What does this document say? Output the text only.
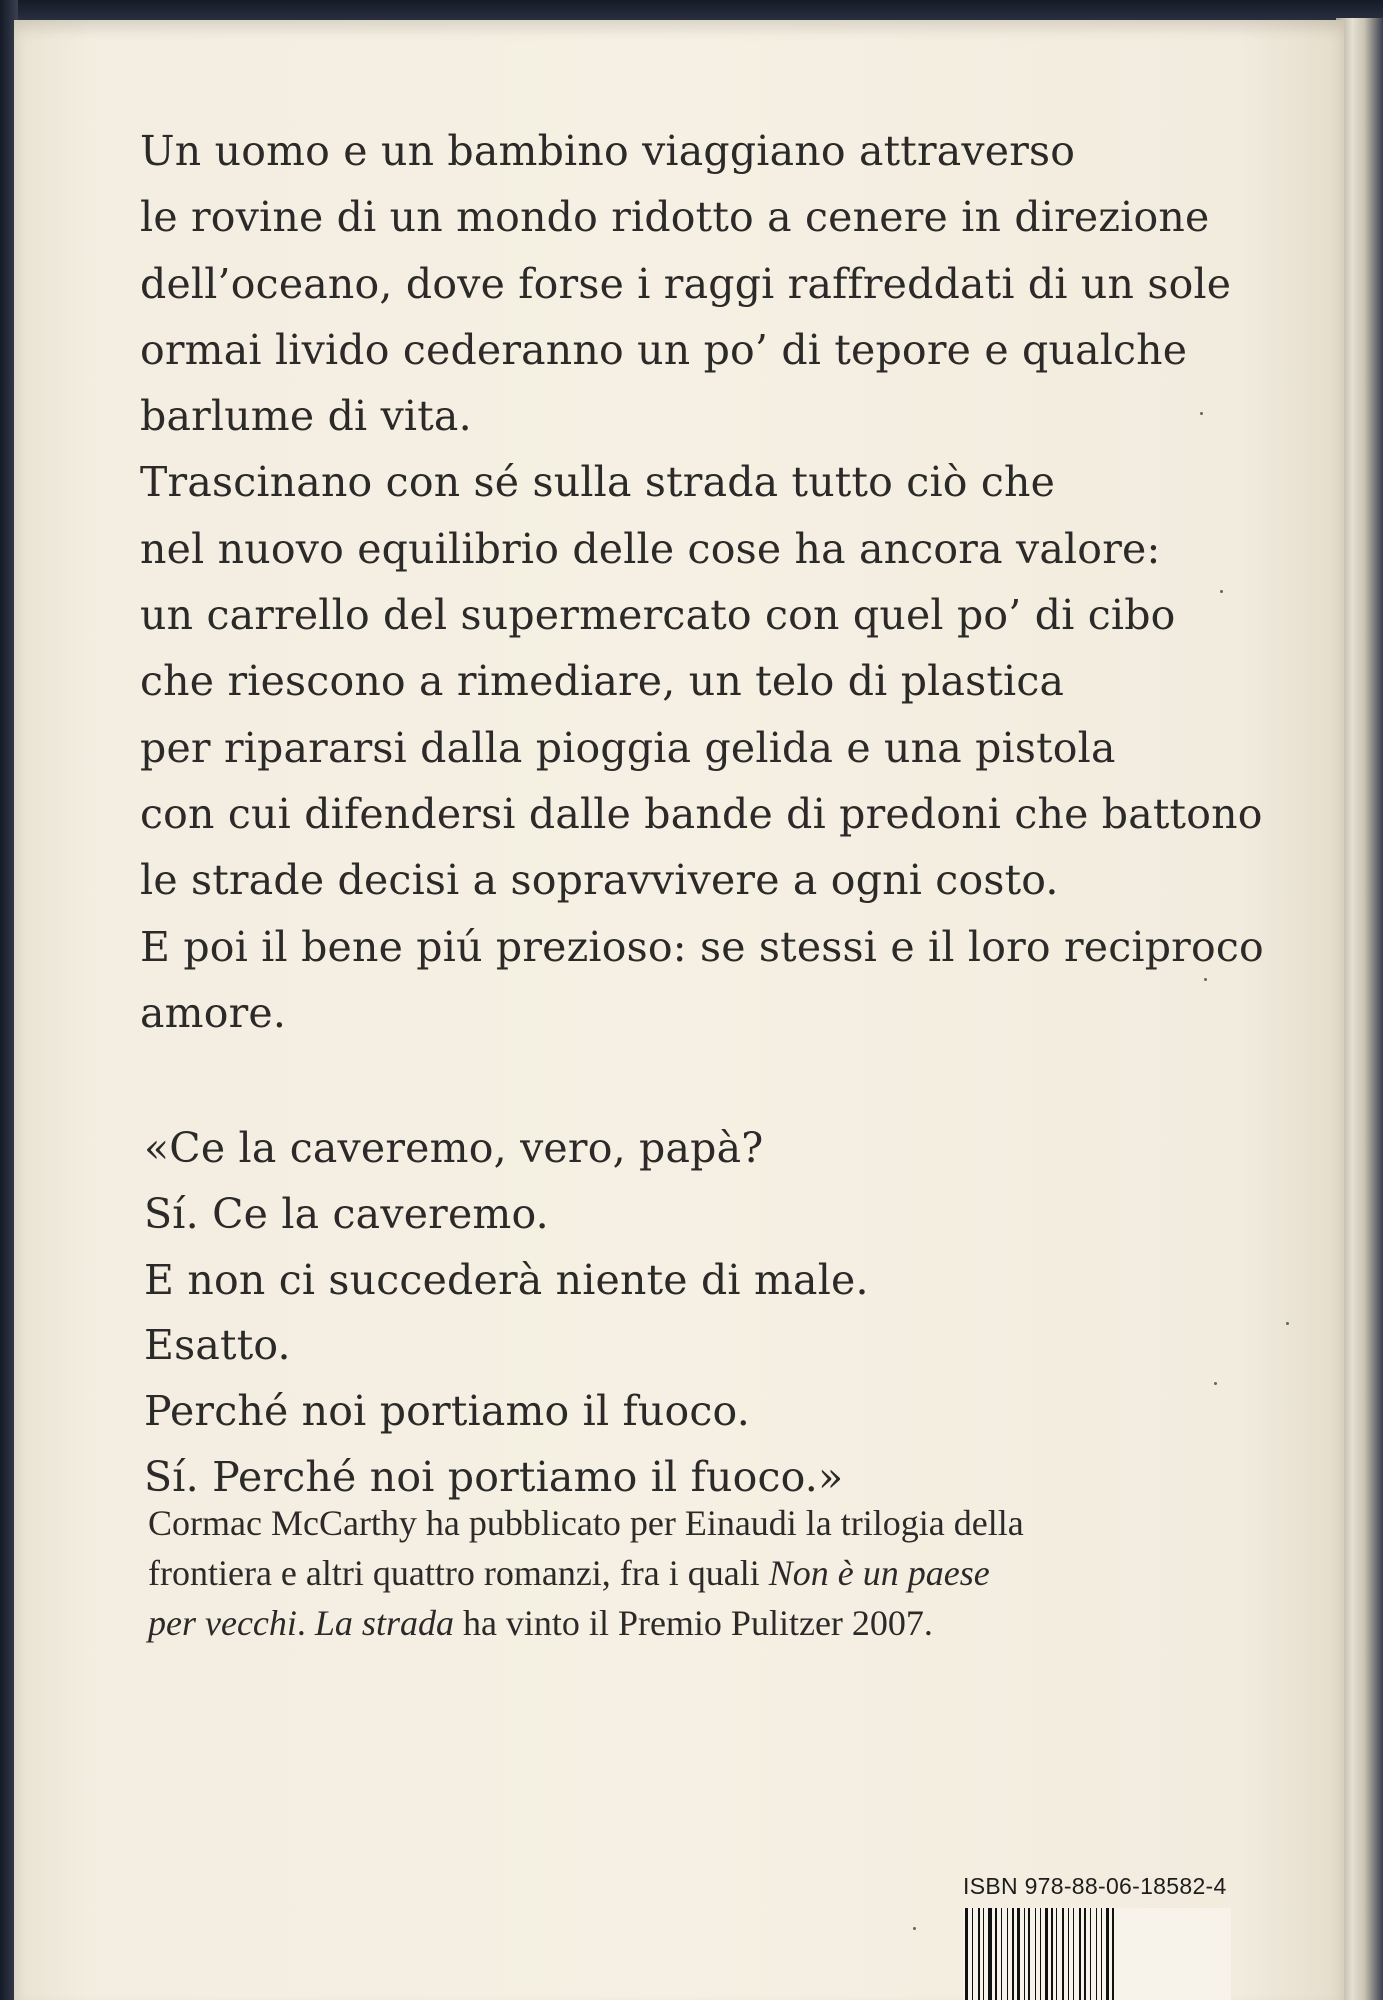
Un uomo e un bambino viaggiano attraverso
le rovine di un mondo ridotto a cenere in direzione
dell’oceano, dove forse i raggi raffreddati di un sole
ormai livido cederanno un po’ di tepore e qualche
barlume di vita.
Trascinano con sé sulla strada tutto ciò che
nel nuovo equilibrio delle cose ha ancora valore:
un carrello del supermercato con quel po’ di cibo
che riescono a rimediare, un telo di plastica
per ripararsi dalla pioggia gelida e una pistola
con cui difendersi dalle bande di predoni che battono
le strade decisi a sopravvivere a ogni costo.
E poi il bene piú prezioso: se stessi e il loro reciproco
amore.
«Ce la caveremo, vero, papà?
Sí. Ce la caveremo.
E non ci succederà niente di male.
Esatto.
Perché noi portiamo il fuoco.
Sí. Perché noi portiamo il fuoco.»
Cormac McCarthy ha pubblicato per Einaudi la trilogia della
frontiera e altri quattro romanzi, fra i quali Non è un paese
per vecchi. La strada ha vinto il Premio Pulitzer 2007.
ISBN 978-88-06-18582-4
